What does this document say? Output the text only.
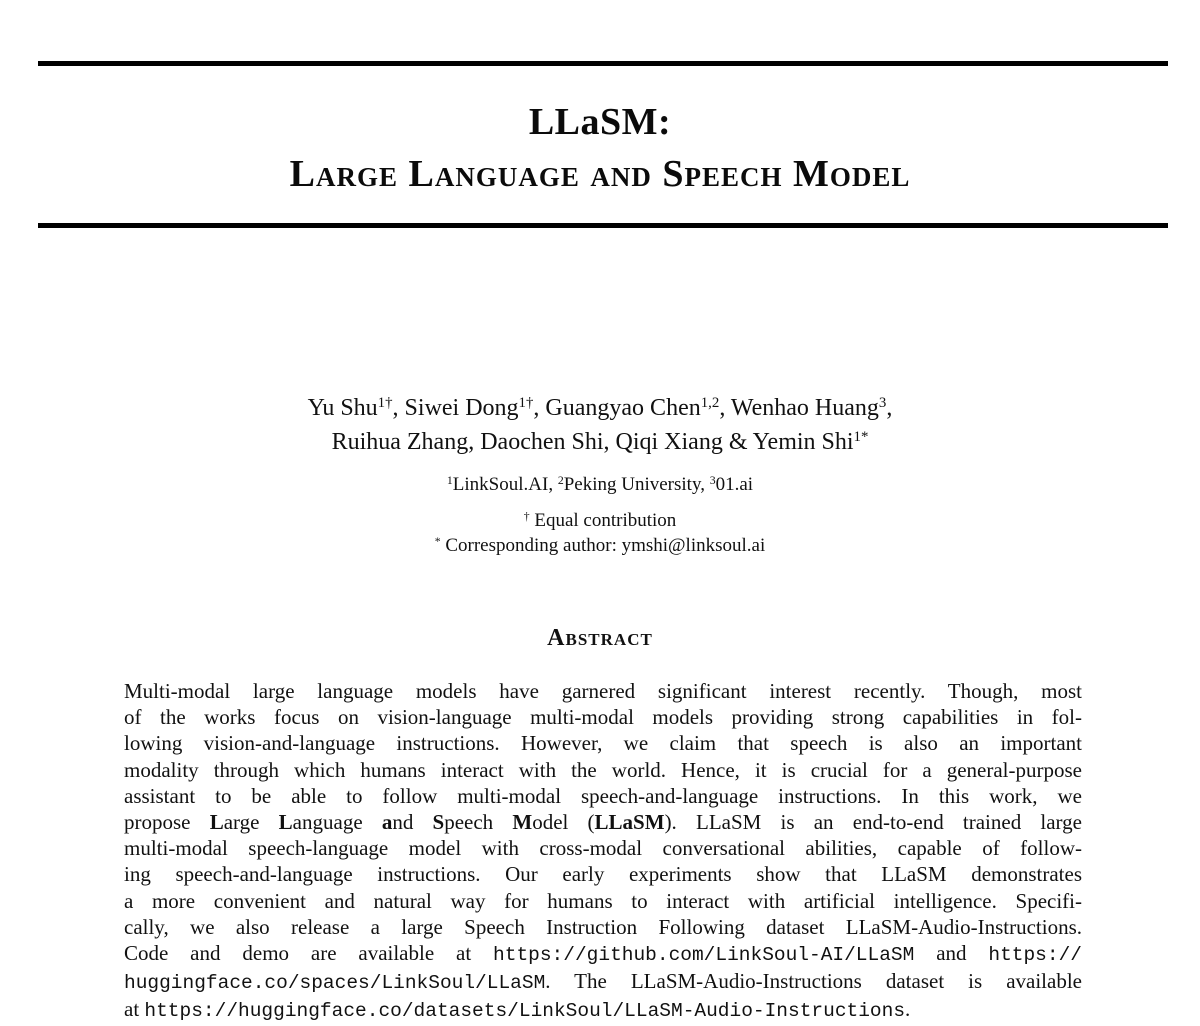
LLaSM:
Large Language and Speech Model
Yu Shu$^{1\dagger}$, Siwei Dong$^{1\dagger}$, Guangyao Chen$^{1,2}$, Wenhao Huang$^3$,
Ruihua Zhang, Daochen Shi, Qiqi Xiang & Yemin Shi$^{1*}$
$^1$LinkSoul.AI, $^2$Peking University, $^3$01.ai
† Equal contribution
* Corresponding author: ymshi@linksoul.ai
Abstract
Multi-modal large language models have garnered significant interest recently. Though, most
of the works focus on vision-language multi-modal models providing strong capabilities in fol-
lowing vision-and-language instructions. However, we claim that speech is also an important
modality through which humans interact with the world. Hence, it is crucial for a general-purpose
assistant to be able to follow multi-modal speech-and-language instructions. In this work, we
propose Large Language and Speech Model (LLaSM). LLaSM is an end-to-end trained large
multi-modal speech-language model with cross-modal conversational abilities, capable of follow-
ing speech-and-language instructions. Our early experiments show that LLaSM demonstrates
a more convenient and natural way for humans to interact with artificial intelligence. Specifi-
cally, we also release a large Speech Instruction Following dataset LLaSM-Audio-Instructions.
Code and demo are available at https://github.com/LinkSoul-AI/LLaSM and https://
huggingface.co/spaces/LinkSoul/LLaSM. The LLaSM-Audio-Instructions dataset is available
at https://huggingface.co/datasets/LinkSoul/LLaSM-Audio-Instructions.
